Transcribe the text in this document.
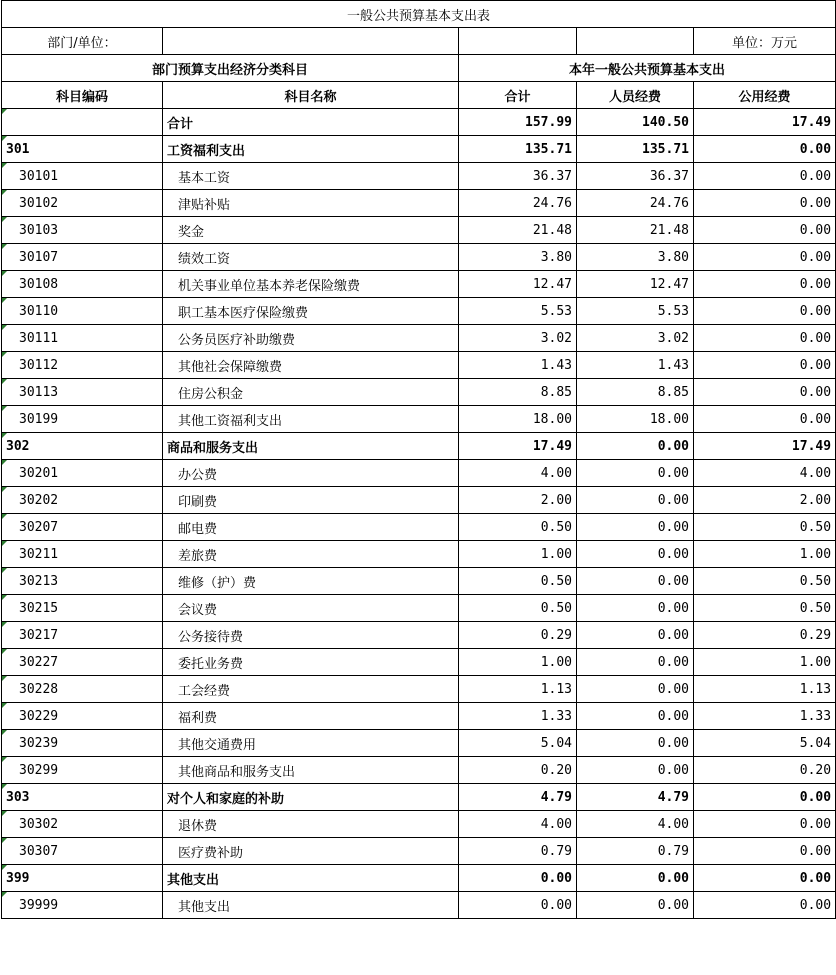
一般公共预算基本支出表				
部门/单位：				单位：万元
部门预算支出经济分类科目		本年一般公共预算基本支出		
科目编码	科目名称	合计	人员经费	公用经费
	合计	157.99	140.50	17.49
301	工资福利支出	135.71	135.71	0.00
30101	基本工资	36.37	36.37	0.00
30102	津贴补贴	24.76	24.76	0.00
30103	奖金	21.48	21.48	0.00
30107	绩效工资	3.80	3.80	0.00
30108	机关事业单位基本养老保险缴费	12.47	12.47	0.00
30110	职工基本医疗保险缴费	5.53	5.53	0.00
30111	公务员医疗补助缴费	3.02	3.02	0.00
30112	其他社会保障缴费	1.43	1.43	0.00
30113	住房公积金	8.85	8.85	0.00
30199	其他工资福利支出	18.00	18.00	0.00
302	商品和服务支出	17.49	0.00	17.49
30201	办公费	4.00	0.00	4.00
30202	印刷费	2.00	0.00	2.00
30207	邮电费	0.50	0.00	0.50
30211	差旅费	1.00	0.00	1.00
30213	维修（护）费	0.50	0.00	0.50
30215	会议费	0.50	0.00	0.50
30217	公务接待费	0.29	0.00	0.29
30227	委托业务费	1.00	0.00	1.00
30228	工会经费	1.13	0.00	1.13
30229	福利费	1.33	0.00	1.33
30239	其他交通费用	5.04	0.00	5.04
30299	其他商品和服务支出	0.20	0.00	0.20
303	对个人和家庭的补助	4.79	4.79	0.00
30302	退休费	4.00	4.00	0.00
30307	医疗费补助	0.79	0.79	0.00
399	其他支出	0.00	0.00	0.00
39999	其他支出	0.00	0.00	0.00
